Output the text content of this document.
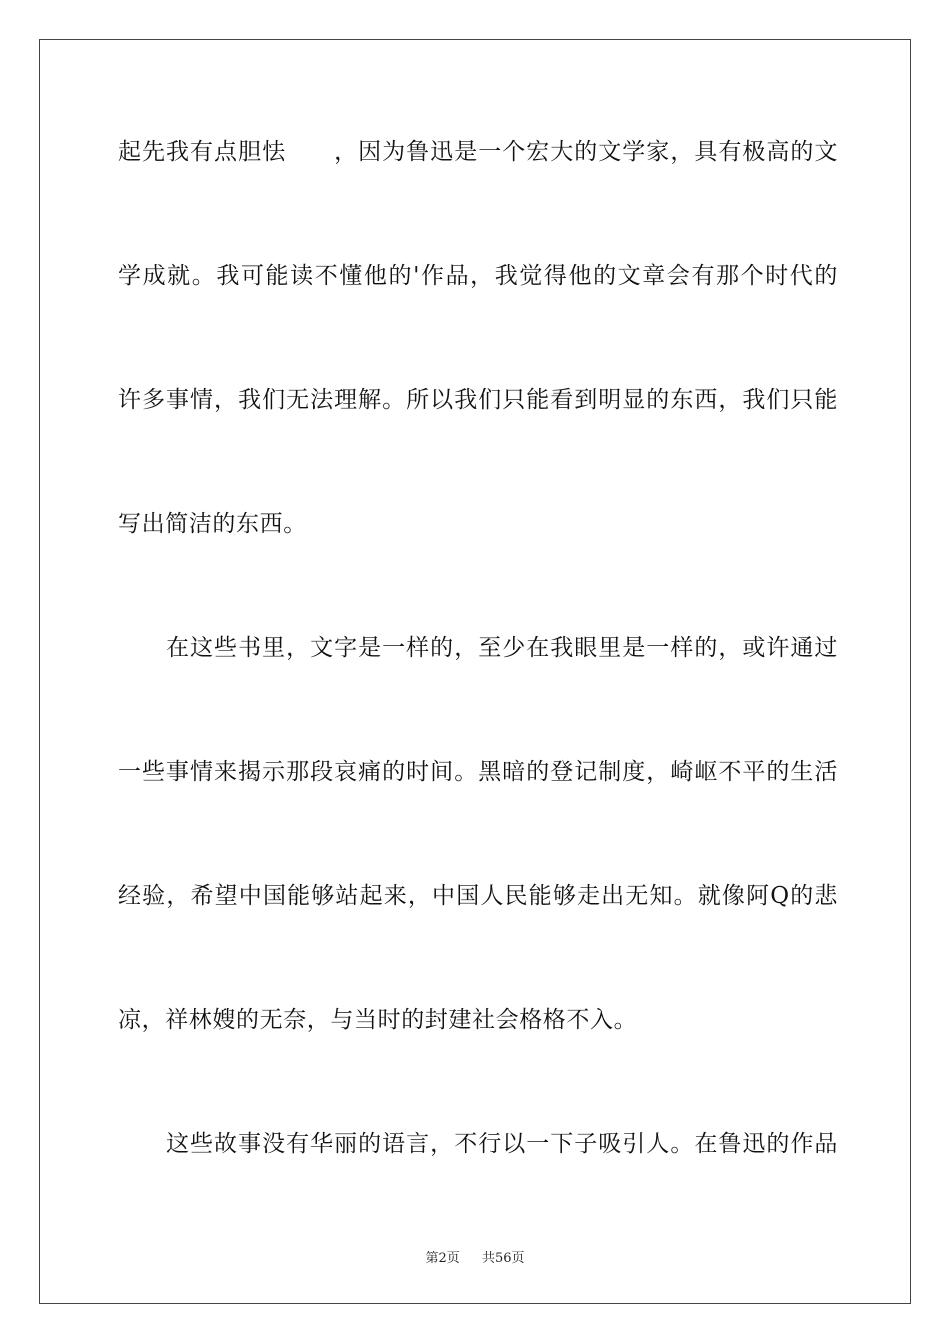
起先我有点胆怯　　，因为鲁迅是一个宏大的文学家，具有极高的文
学成就。我可能读不懂他的'作品，我觉得他的文章会有那个时代的
许多事情，我们无法理解。所以我们只能看到明显的东西，我们只能
写出简洁的东西。
　　在这些书里，文字是一样的，至少在我眼里是一样的，或许通过
一些事情来揭示那段哀痛的时间。黑暗的登记制度，崎岖不平的生活
经验，希望中国能够站起来，中国人民能够走出无知。就像阿Q的悲
凉，祥林嫂的无奈，与当时的封建社会格格不入。
　　这些故事没有华丽的语言，不行以一下子吸引人。在鲁迅的作品
第2页 共56页
